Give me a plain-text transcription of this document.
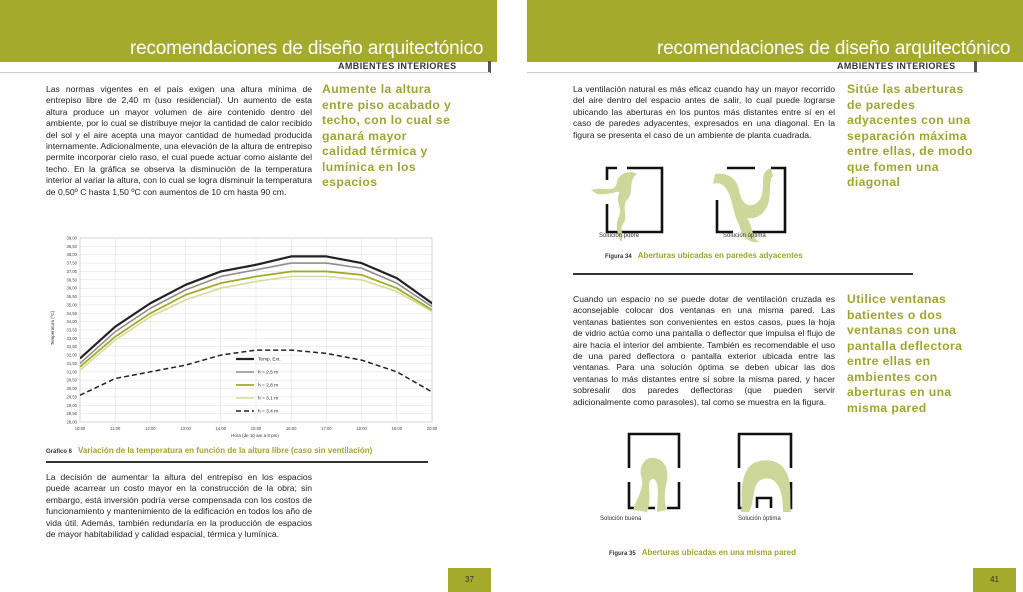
recomendaciones de diseño arquitectónico
AMBIENTES INTERIORES
Las normas vigentes en el país exigen una altura mínima de entrepiso libre de 2,40 m (uso residencial). Un aumento de esta altura produce un mayor volumen de aire contenido dentro del ambiente, por lo cual se distribuye mejor la cantidad de calor recibido del sol y el aire acepta una mayor cantidad de humedad producida internamente. Adicionalmente, una elevación de la altura de entrepiso permite incorporar cielo raso, el cual puede actuar como aislante del techo. En la gráfica se observa la disminución de la temperatura interior al variar la altura, con lo cual se logra disminuir la temperatura de 0,50º C hasta 1,50 ºC con aumentos de 10 cm hasta 90 cm.
Aumente la altura entre piso acabado y techo, con lo cual se ganará mayor calidad térmica y lumínica en los espacios
28,00
28,50
29,00
29,50
30,00
30,50
31,00
31,50
32,00
32,50
33,00
33,50
34,00
34,50
35,00
35,50
36,00
36,50
37,00
37,50
38,00
38,50
39,00
10:00	11:00	12:00	13:00	14:00	15:00	16:00	17:00	18:00	19:00	20:00
Temp. Ext.
h = 2,5 m
h = 2,8 m
h = 3,1 m
h = 3,4 m
Hora (de 10 am a 8 pm)
Temperatura (ºC)
Gráfico 6 Variación de la temperatura en función de la altura libre (caso sin ventilación)
La decisión de aumentar la altura del entrepiso en los espacios puede acarrear un costo mayor en la construcción de la obra; sin embargo, está inversión podría verse compensada con los costos de funcionamiento y mantenimiento de la edificación en todos los año de vida útil. Además, también redundaría en la producción de espacios de mayor habitabilidad y calidad espacial, térmica y lumínica.
37
recomendaciones de diseño arquitectónico
AMBIENTES INTERIORES
La ventilación natural es más eficaz cuando hay un mayor recorrido del aire dentro del espacio antes de salir, lo cual puede lograrse ubicando las aberturas en los puntos más distantes entre sí en el caso de paredes adyacentes, expresados en una diagonal. En la figura se presenta el caso de un ambiente de planta cuadrada.
Sitúe las aberturas de paredes adyacentes con una separación máxima entre ellas, de modo que fomen una diagonal
Solución pobre	Solución óptima
Figura 34 Aberturas ubicadas en paredes adyacentes
Cuando un espacio no se puede dotar de ventilación cruzada es aconsejable colocar dos ventanas en una misma pared. Las ventanas batientes son convenientes en estos casos, pues la hoja de vidrio actúa como una pantalla o deflector que impulsa el flujo de aire hacia el interior del ambiente. También es recomendable el uso de una pared deflectora o pantalla exterior ubicada entre las ventanas. Para una solución óptima se deben ubicar las dos ventanas lo más distantes entre sí sobre la misma pared, y hacer sobresalir dos paredes deflectoras (que pueden servir adicionalmente como parasoles), tal como se muestra en la figura.
Utilice ventanas batientes o dos ventanas con una pantalla deflectora entre ellas en ambientes con aberturas en una misma pared
Solución buena	Solución óptima
Figura 35 Aberturas ubicadas en una misma pared
41
